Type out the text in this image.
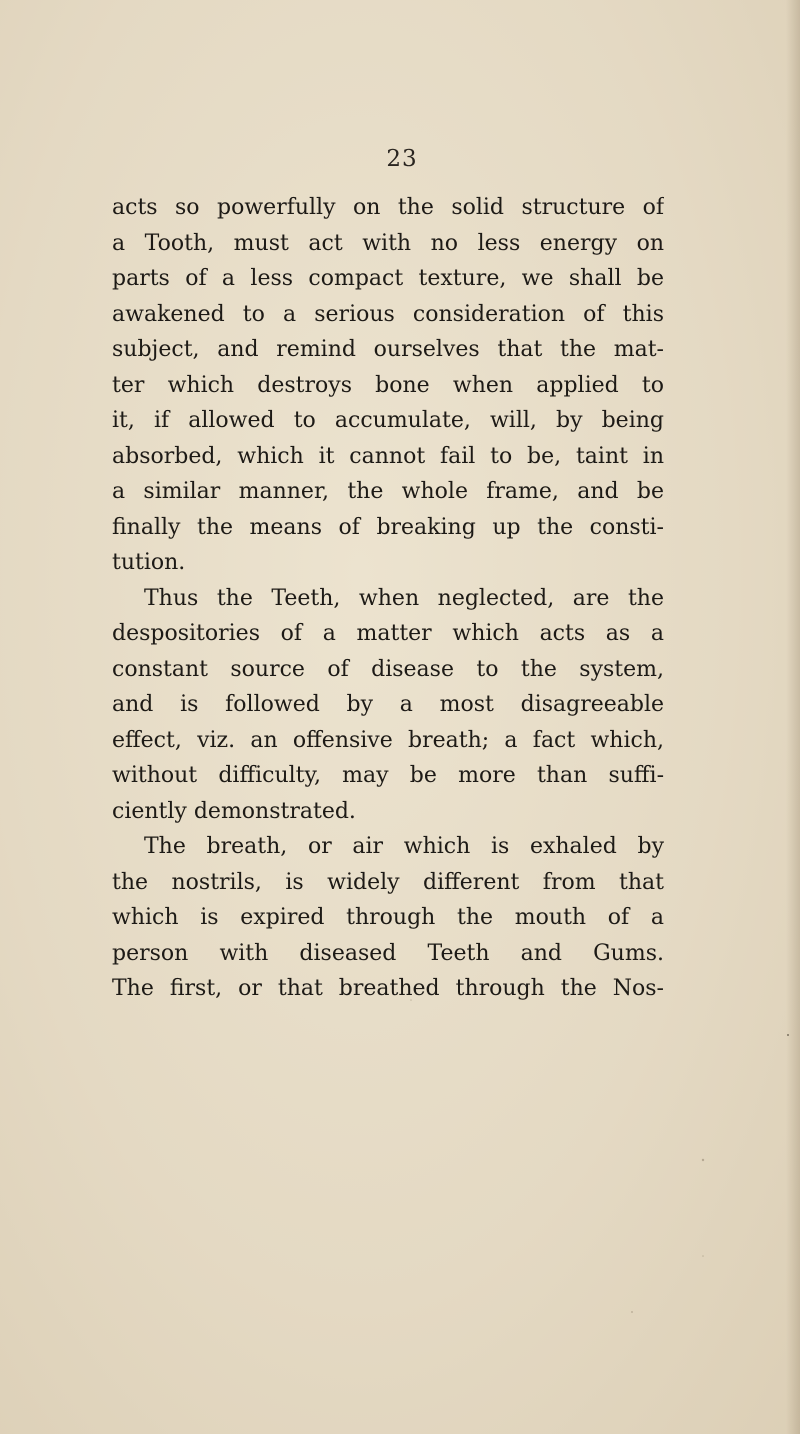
23
acts so powerfully on the solid structure of
a Tooth, must act with no less energy on
parts of a less compact texture, we shall be
awakened to a serious consideration of this
subject, and remind ourselves that the mat-
ter which destroys bone when applied to
it, if allowed to accumulate, will, by being
absorbed, which it cannot fail to be, taint in
a similar manner, the whole frame, and be
finally the means of breaking up the consti-
tution.
Thus the Teeth, when neglected, are the
despositories of a matter which acts as a
constant source of disease to the system,
and is followed by a most disagreeable
effect, viz. an offensive breath; a fact which,
without difficulty, may be more than suffi-
ciently demonstrated.
The breath, or air which is exhaled by
the nostrils, is widely different from that
which is expired through the mouth of a
person with diseased Teeth and Gums.
The first, or that breathed through the Nos-
